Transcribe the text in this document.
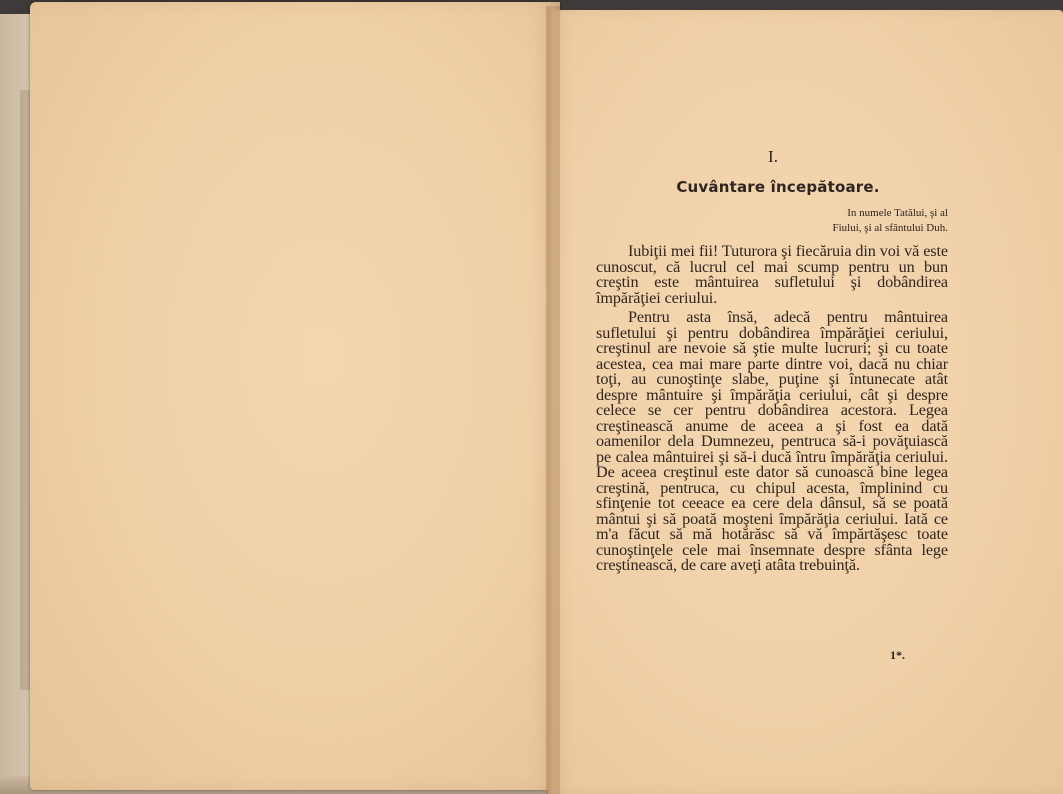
I.
Cuvântare începătoare.
In numele Tatălui, şi al
Fiului, şi al sfântului Duh.

Iubiţii mei fii! Tuturora şi fiecăruia din voi vă este cunoscut, că lucrul cel mai scump pentru un bun creştin este mântuirea sufletului şi dobândirea împărăţiei ceriului.

Pentru asta însă, adecă pentru mântuirea sufletului şi pentru dobândirea împărăţiei ceriului, creştinul are nevoie să ştie multe lucruri; şi cu toate acestea, cea mai mare parte dintre voi, dacă nu chiar toţi, au cunoştinţe slabe, puţine şi întunecate atât despre mântuire şi împărăţia ceriului, cât şi despre celece se cer pentru dobândirea acestora. Legea creştinească anume de aceea a şi fost ea dată oamenilor dela Dumnezeu, pentruca să-i povăţuiască pe calea mântuirei şi să-i ducă întru împărăţia ceriului. De aceea creştinul este dator să cunoască bine legea creştină, pentruca, cu chipul acesta, împlinind cu sfinţenie tot ceeace ea cere dela dânsul, să se poată mântui şi să poată moşteni împărăţia ceriului. Iată ce m'a făcut să mă hotărăsc să vă împărtăşesc toate cunoştinţele cele mai însemnate despre sfânta lege creştinească, de care aveţi atâta trebuinţă.

1*.
